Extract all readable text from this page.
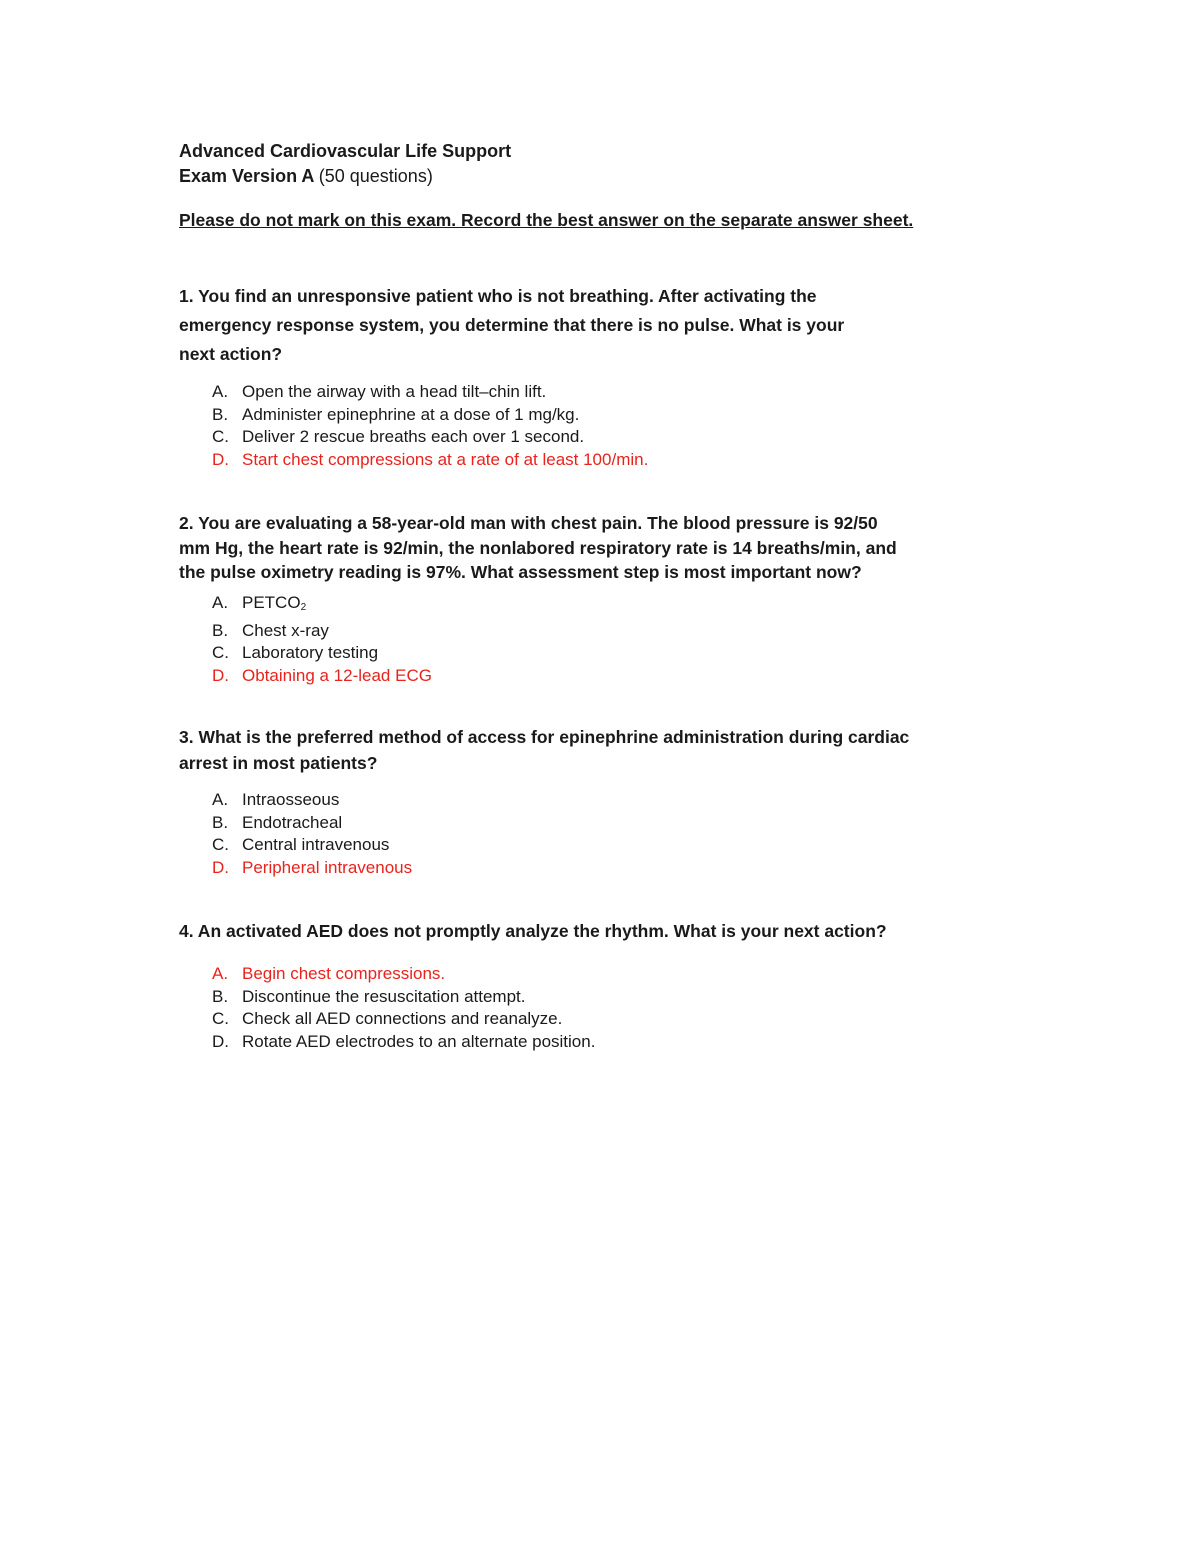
Advanced Cardiovascular Life Support
Exam Version A (50 questions)
Please do not mark on this exam. Record the best answer on the separate answer sheet.
1. You find an unresponsive patient who is not breathing. After activating the
emergency response system, you determine that there is no pulse. What is your
next action?
A. Open the airway with a head tilt–chin lift.
B. Administer epinephrine at a dose of 1 mg/kg.
C. Deliver 2 rescue breaths each over 1 second.
D. Start chest compressions at a rate of at least 100/min.
2. You are evaluating a 58-year-old man with chest pain. The blood pressure is 92/50
mm Hg, the heart rate is 92/min, the nonlabored respiratory rate is 14 breaths/min, and
the pulse oximetry reading is 97%. What assessment step is most important now?
A. $PETCO_2$
B. Chest x-ray
C. Laboratory testing
D. Obtaining a 12-lead ECG
3. What is the preferred method of access for epinephrine administration during cardiac
arrest in most patients?
A. Intraosseous
B. Endotracheal
C. Central intravenous
D. Peripheral intravenous
4. An activated AED does not promptly analyze the rhythm. What is your next action?
A. Begin chest compressions.
B. Discontinue the resuscitation attempt.
C. Check all AED connections and reanalyze.
D. Rotate AED electrodes to an alternate position.
